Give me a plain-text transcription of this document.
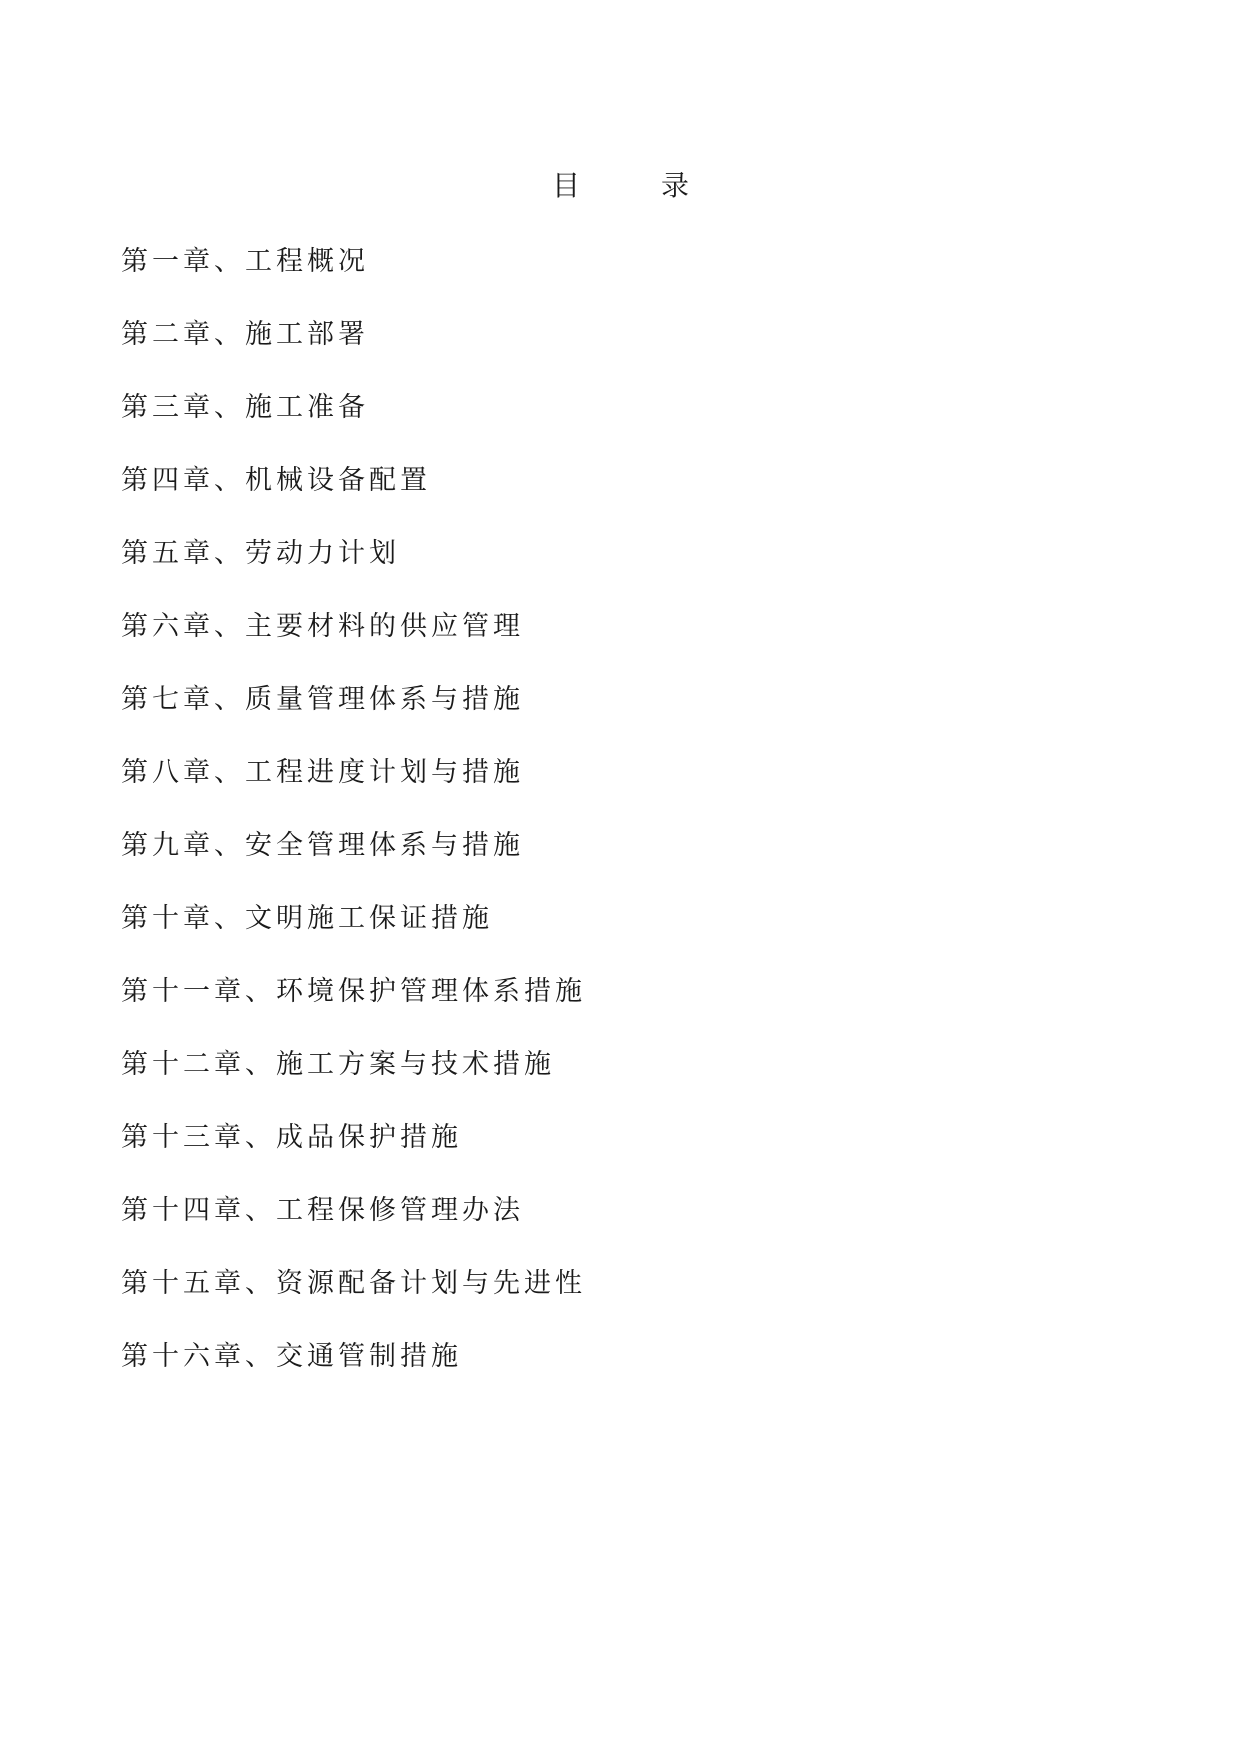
目 录
第一章、工程概况
第二章、施工部署
第三章、施工准备
第四章、机械设备配置
第五章、劳动力计划
第六章、主要材料的供应管理
第七章、质量管理体系与措施
第八章、工程进度计划与措施
第九章、安全管理体系与措施
第十章、文明施工保证措施
第十一章、环境保护管理体系措施
第十二章、施工方案与技术措施
第十三章、成品保护措施
第十四章、工程保修管理办法
第十五章、资源配备计划与先进性
第十六章、交通管制措施
